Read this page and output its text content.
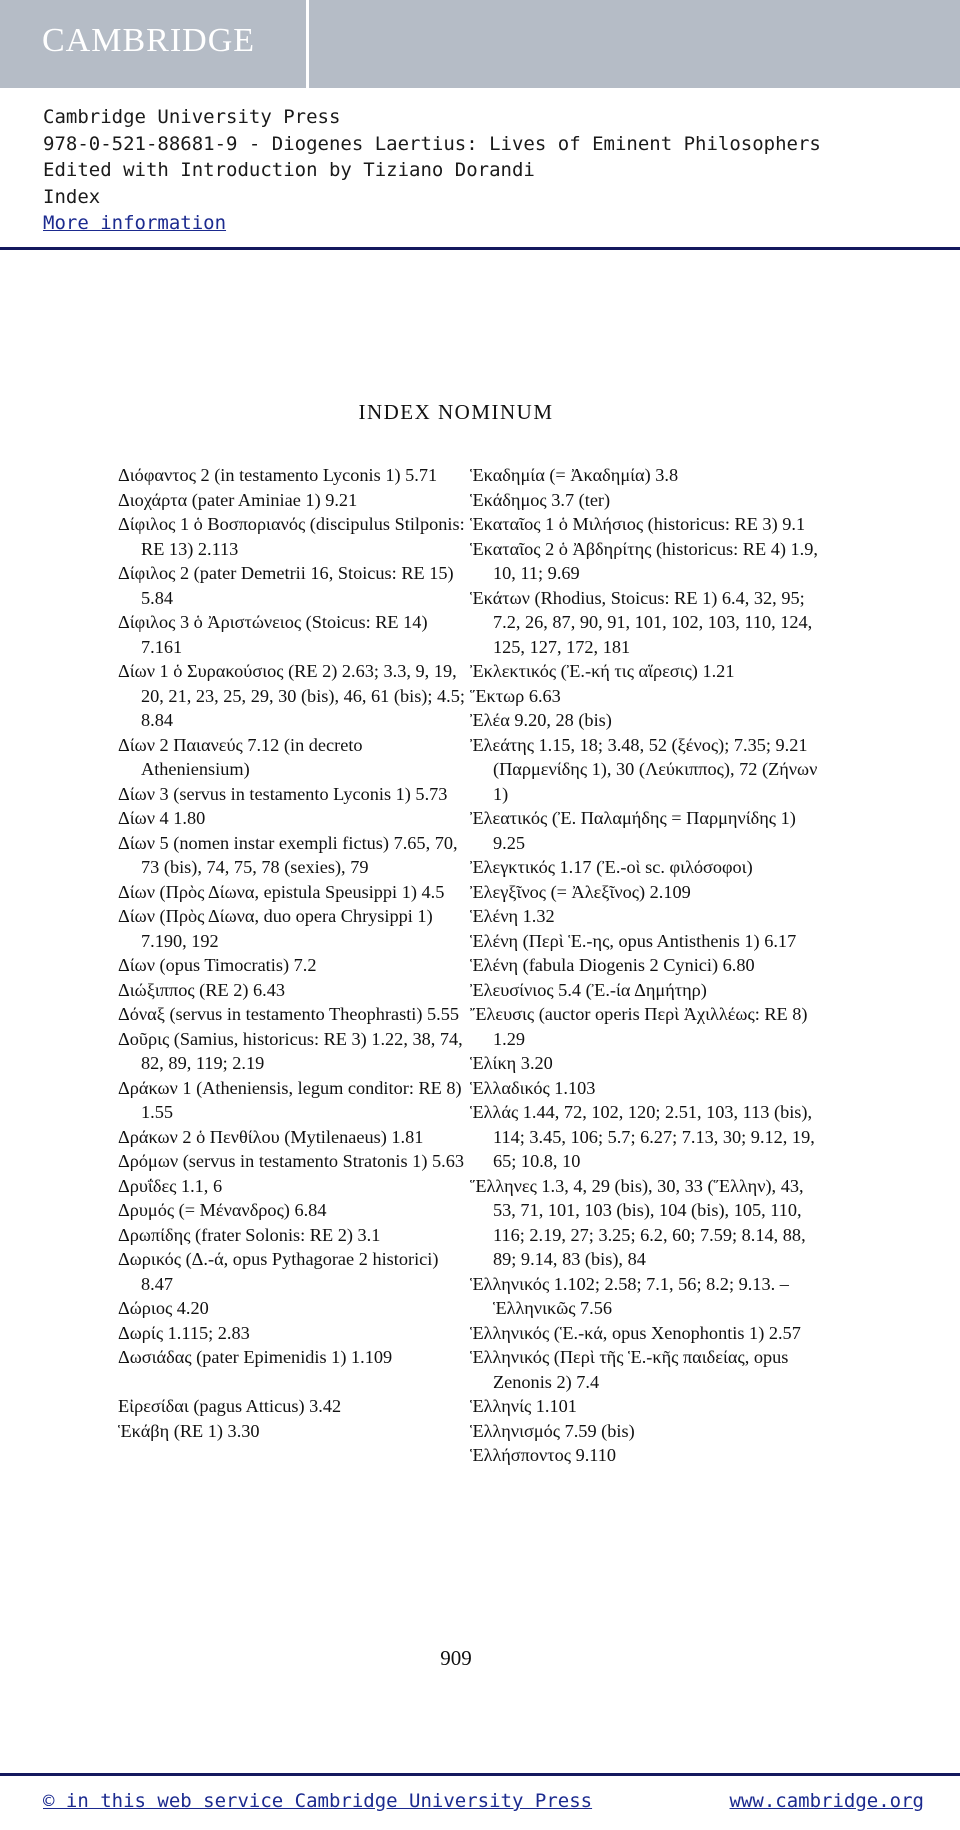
CAMBRIDGE
Cambridge University Press
978-0-521-88681-9 - Diogenes Laertius: Lives of Eminent Philosophers
Edited with Introduction by Tiziano Dorandi
Index
More information
INDEX NOMINUM
Διόφαντος 2 (in testamento Lyconis 1) 5.71
Διοχάρτα (pater Aminiae 1) 9.21
Δίφιλος 1 ὁ Βοσποριανός (discipulus Stilponis: RE 13) 2.113
Δίφιλος 2 (pater Demetrii 16, Stoicus: RE 15) 5.84
Δίφιλος 3 ὁ Ἀριστώνειος (Stoicus: RE 14) 7.161
Δίων 1 ὁ Συρακούσιος (RE 2) 2.63; 3.3, 9, 19, 20, 21, 23, 25, 29, 30 (bis), 46, 61 (bis); 4.5; 8.84
Δίων 2 Παιανεύς 7.12 (in decreto Atheniensium)
Δίων 3 (servus in testamento Lyconis 1) 5.73
Δίων 4 1.80
Δίων 5 (nomen instar exempli fictus) 7.65, 70, 73 (bis), 74, 75, 78 (sexies), 79
Δίων (Πρὸς Δίωνα, epistula Speusippi 1) 4.5
Δίων (Πρὸς Δίωνα, duo opera Chrysippi 1) 7.190, 192
Δίων (opus Timocratis) 7.2
Διώξιππος (RE 2) 6.43
Δόναξ (servus in testamento Theophrasti) 5.55
Δοῦρις (Samius, historicus: RE 3) 1.22, 38, 74, 82, 89, 119; 2.19
Δράκων 1 (Atheniensis, legum conditor: RE 8) 1.55
Δράκων 2 ὁ Πενθίλου (Mytilenaeus) 1.81
Δρόμων (servus in testamento Stratonis 1) 5.63
Δρυΐδες 1.1, 6
Δρυμός (= Μένανδρος) 6.84
Δρωπίδης (frater Solonis: RE 2) 3.1
Δωρικός (Δ.-ά, opus Pythagorae 2 historici) 8.47
Δώριος 4.20
Δωρίς 1.115; 2.83
Δωσιάδας (pater Epimenidis 1) 1.109
Εἰρεσίδαι (pagus Atticus) 3.42
Ἑκάβη (RE 1) 3.30
Ἑκαδημία (= Ἀκαδημία) 3.8
Ἑκάδημος 3.7 (ter)
Ἑκαταῖος 1 ὁ Μιλήσιος (historicus: RE 3) 9.1
Ἑκαταῖος 2 ὁ Ἀβδηρίτης (historicus: RE 4) 1.9, 10, 11; 9.69
Ἑκάτων (Rhodius, Stoicus: RE 1) 6.4, 32, 95; 7.2, 26, 87, 90, 91, 101, 102, 103, 110, 124, 125, 127, 172, 181
Ἐκλεκτικός (Ἐ.-κή τις αἵρεσις) 1.21
Ἕκτωρ 6.63
Ἐλέα 9.20, 28 (bis)
Ἐλεάτης 1.15, 18; 3.48, 52 (ξένος); 7.35; 9.21 (Παρμενίδης 1), 30 (Λεύκιππος), 72 (Ζήνων 1)
Ἐλεατικός (Ἐ. Παλαμήδης = Παρμηνίδης 1) 9.25
Ἐλεγκτικός 1.17 (Ἐ.-οὶ sc. φιλόσοφοι)
Ἐλεγξῖνος (= Ἀλεξῖνος) 2.109
Ἑλένη 1.32
Ἑλένη (Περὶ Ἑ.-ης, opus Antisthenis 1) 6.17
Ἑλένη (fabula Diogenis 2 Cynici) 6.80
Ἐλευσίνιος 5.4 (Ἐ.-ία Δημήτηρ)
Ἔλευσις (auctor operis Περὶ Ἀχιλλέως: RE 8) 1.29
Ἑλίκη 3.20
Ἑλλαδικός 1.103
Ἑλλάς 1.44, 72, 102, 120; 2.51, 103, 113 (bis), 114; 3.45, 106; 5.7; 6.27; 7.13, 30; 9.12, 19, 65; 10.8, 10
Ἕλληνες 1.3, 4, 29 (bis), 30, 33 (Ἕλλην), 43, 53, 71, 101, 103 (bis), 104 (bis), 105, 110, 116; 2.19, 27; 3.25; 6.2, 60; 7.59; 8.14, 88, 89; 9.14, 83 (bis), 84
Ἑλληνικός 1.102; 2.58; 7.1, 56; 8.2; 9.13. – Ἑλληνικῶς 7.56
Ἑλληνικός (Ἑ.-κά, opus Xenophontis 1) 2.57
Ἑλληνικός (Περὶ τῆς Ἑ.-κῆς παιδείας, opus Zenonis 2) 7.4
Ἑλληνίς 1.101
Ἑλληνισμός 7.59 (bis)
Ἑλλήσποντος 9.110
909
© in this web service Cambridge University Press	www.cambridge.org
